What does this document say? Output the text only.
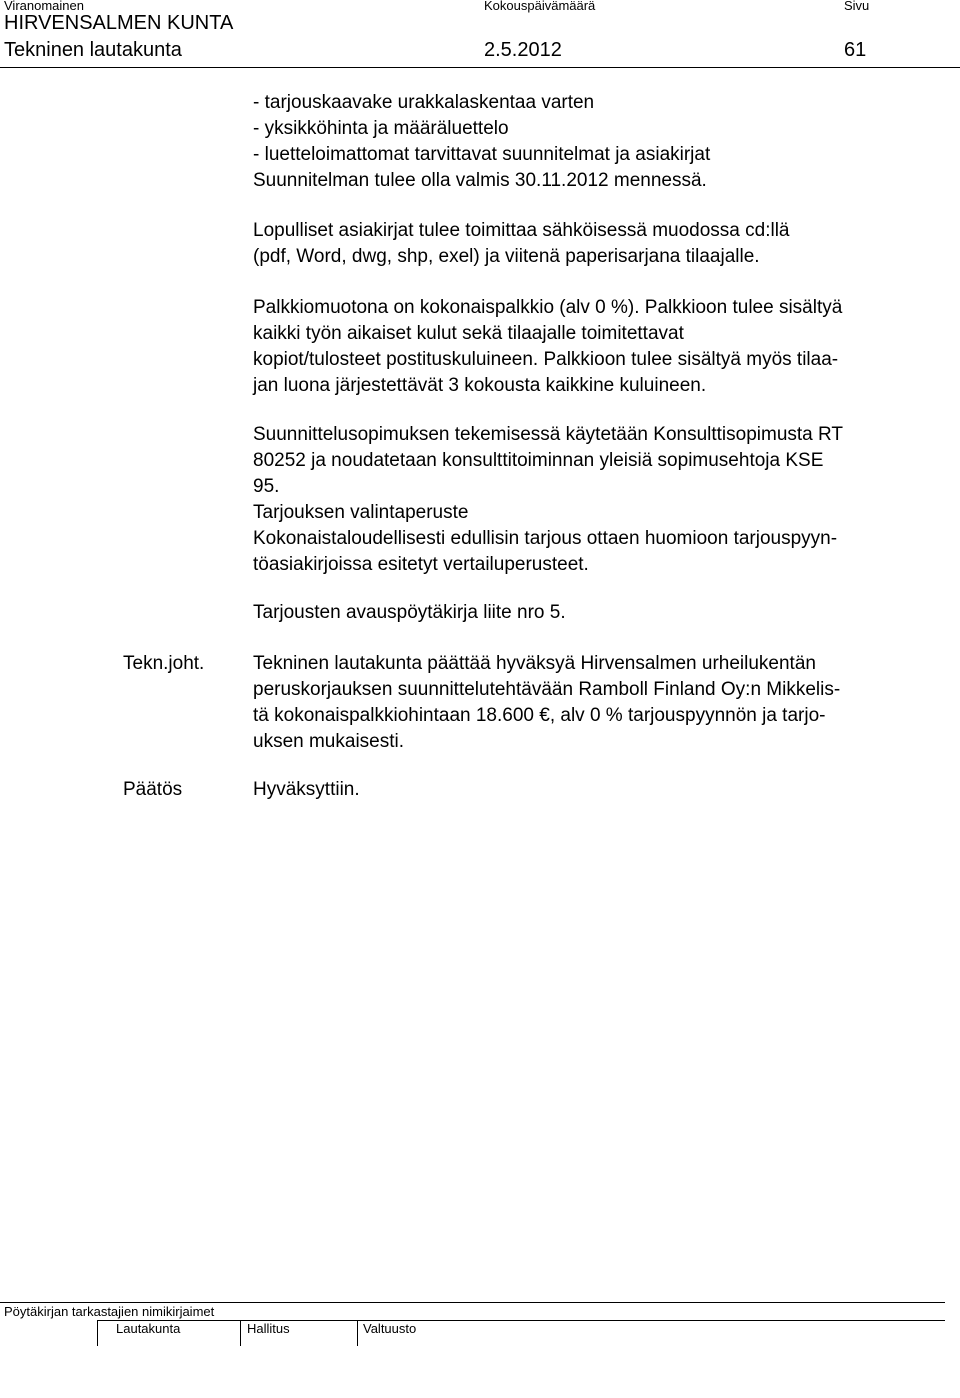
Viranomainen	Kokouspäivämäärä	Sivu
HIRVENSALMEN KUNTA
Tekninen lautakunta	2.5.2012	61
- tarjouskaavake urakkalaskentaa varten
- yksikköhinta ja määräluettelo
- luetteloimattomat tarvittavat suunnitelmat ja asiakirjat
Suunnitelman tulee olla valmis 30.11.2012 mennessä.
Lopulliset asiakirjat tulee toimittaa sähköisessä muodossa cd:llä
(pdf, Word, dwg, shp, exel) ja viitenä paperisarjana tilaajalle.
Palkkiomuotona on kokonaispalkkio (alv 0 %). Palkkioon tulee sisältyä
kaikki työn aikaiset kulut sekä tilaajalle toimitettavat
kopiot/tulosteet postituskuluineen. Palkkioon tulee sisältyä myös tilaa-
jan luona järjestettävät 3 kokousta kaikkine kuluineen.
Suunnittelusopimuksen tekemisessä käytetään Konsulttisopimusta RT
80252 ja noudatetaan konsulttitoiminnan yleisiä sopimusehtoja KSE
95.
Tarjouksen valintaperuste
Kokonaistaloudellisesti edullisin tarjous ottaen huomioon tarjouspyyn-
töasiakirjoissa esitetyt vertailuperusteet.
Tarjousten avauspöytäkirja liite nro 5.
Tekn.joht.	Tekninen lautakunta päättää hyväksyä Hirvensalmen urheilukentän
peruskorjauksen suunnittelutehtävään Ramboll Finland Oy:n Mikkelis-
tä kokonaispalkkiohintaan 18.600 €, alv 0 % tarjouspyynnön ja tarjo-
uksen mukaisesti.
Päätös	Hyväksyttiin.
Pöytäkirjan tarkastajien nimikirjaimet
Lautakunta	Hallitus	Valtuusto
